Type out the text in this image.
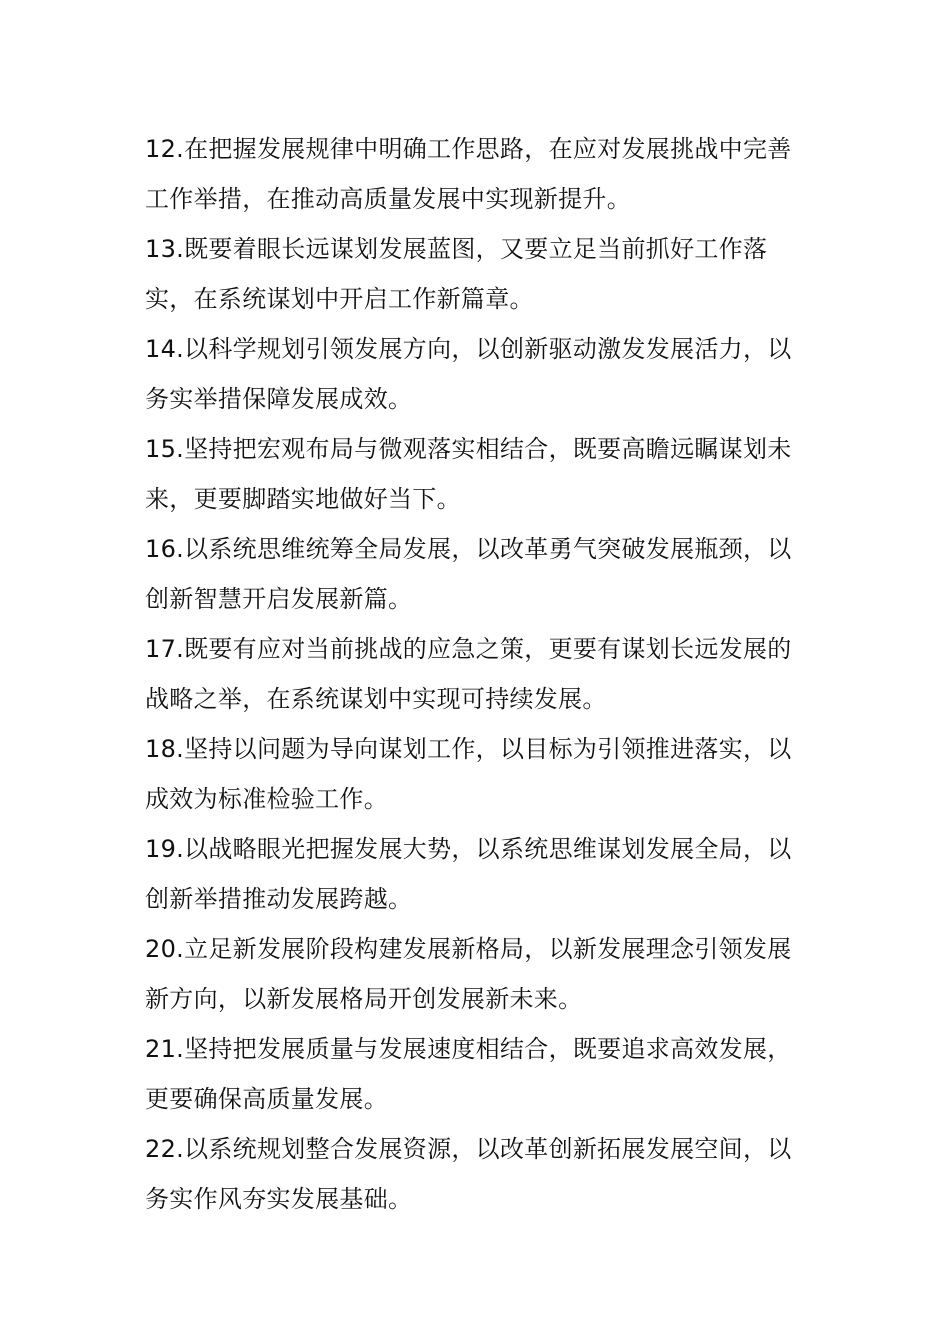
12.在把握发展规律中明确工作思路，在应对发展挑战中完善工作举措，在推动高质量发展中实现新提升。

13.既要着眼长远谋划发展蓝图，又要立足当前抓好工作落实，在系统谋划中开启工作新篇章。

14.以科学规划引领发展方向，以创新驱动激发发展活力，以务实举措保障发展成效。

15.坚持把宏观布局与微观落实相结合，既要高瞻远瞩谋划未来，更要脚踏实地做好当下。

16.以系统思维统筹全局发展，以改革勇气突破发展瓶颈，以创新智慧开启发展新篇。

17.既要有应对当前挑战的应急之策，更要有谋划长远发展的战略之举，在系统谋划中实现可持续发展。

18.坚持以问题为导向谋划工作，以目标为引领推进落实，以成效为标准检验工作。

19.以战略眼光把握发展大势，以系统思维谋划发展全局，以创新举措推动发展跨越。

20.立足新发展阶段构建发展新格局，以新发展理念引领发展新方向，以新发展格局开创发展新未来。

21.坚持把发展质量与发展速度相结合，既要追求高效发展，更要确保高质量发展。

22.以系统规划整合发展资源，以改革创新拓展发展空间，以务实作风夯实发展基础。
